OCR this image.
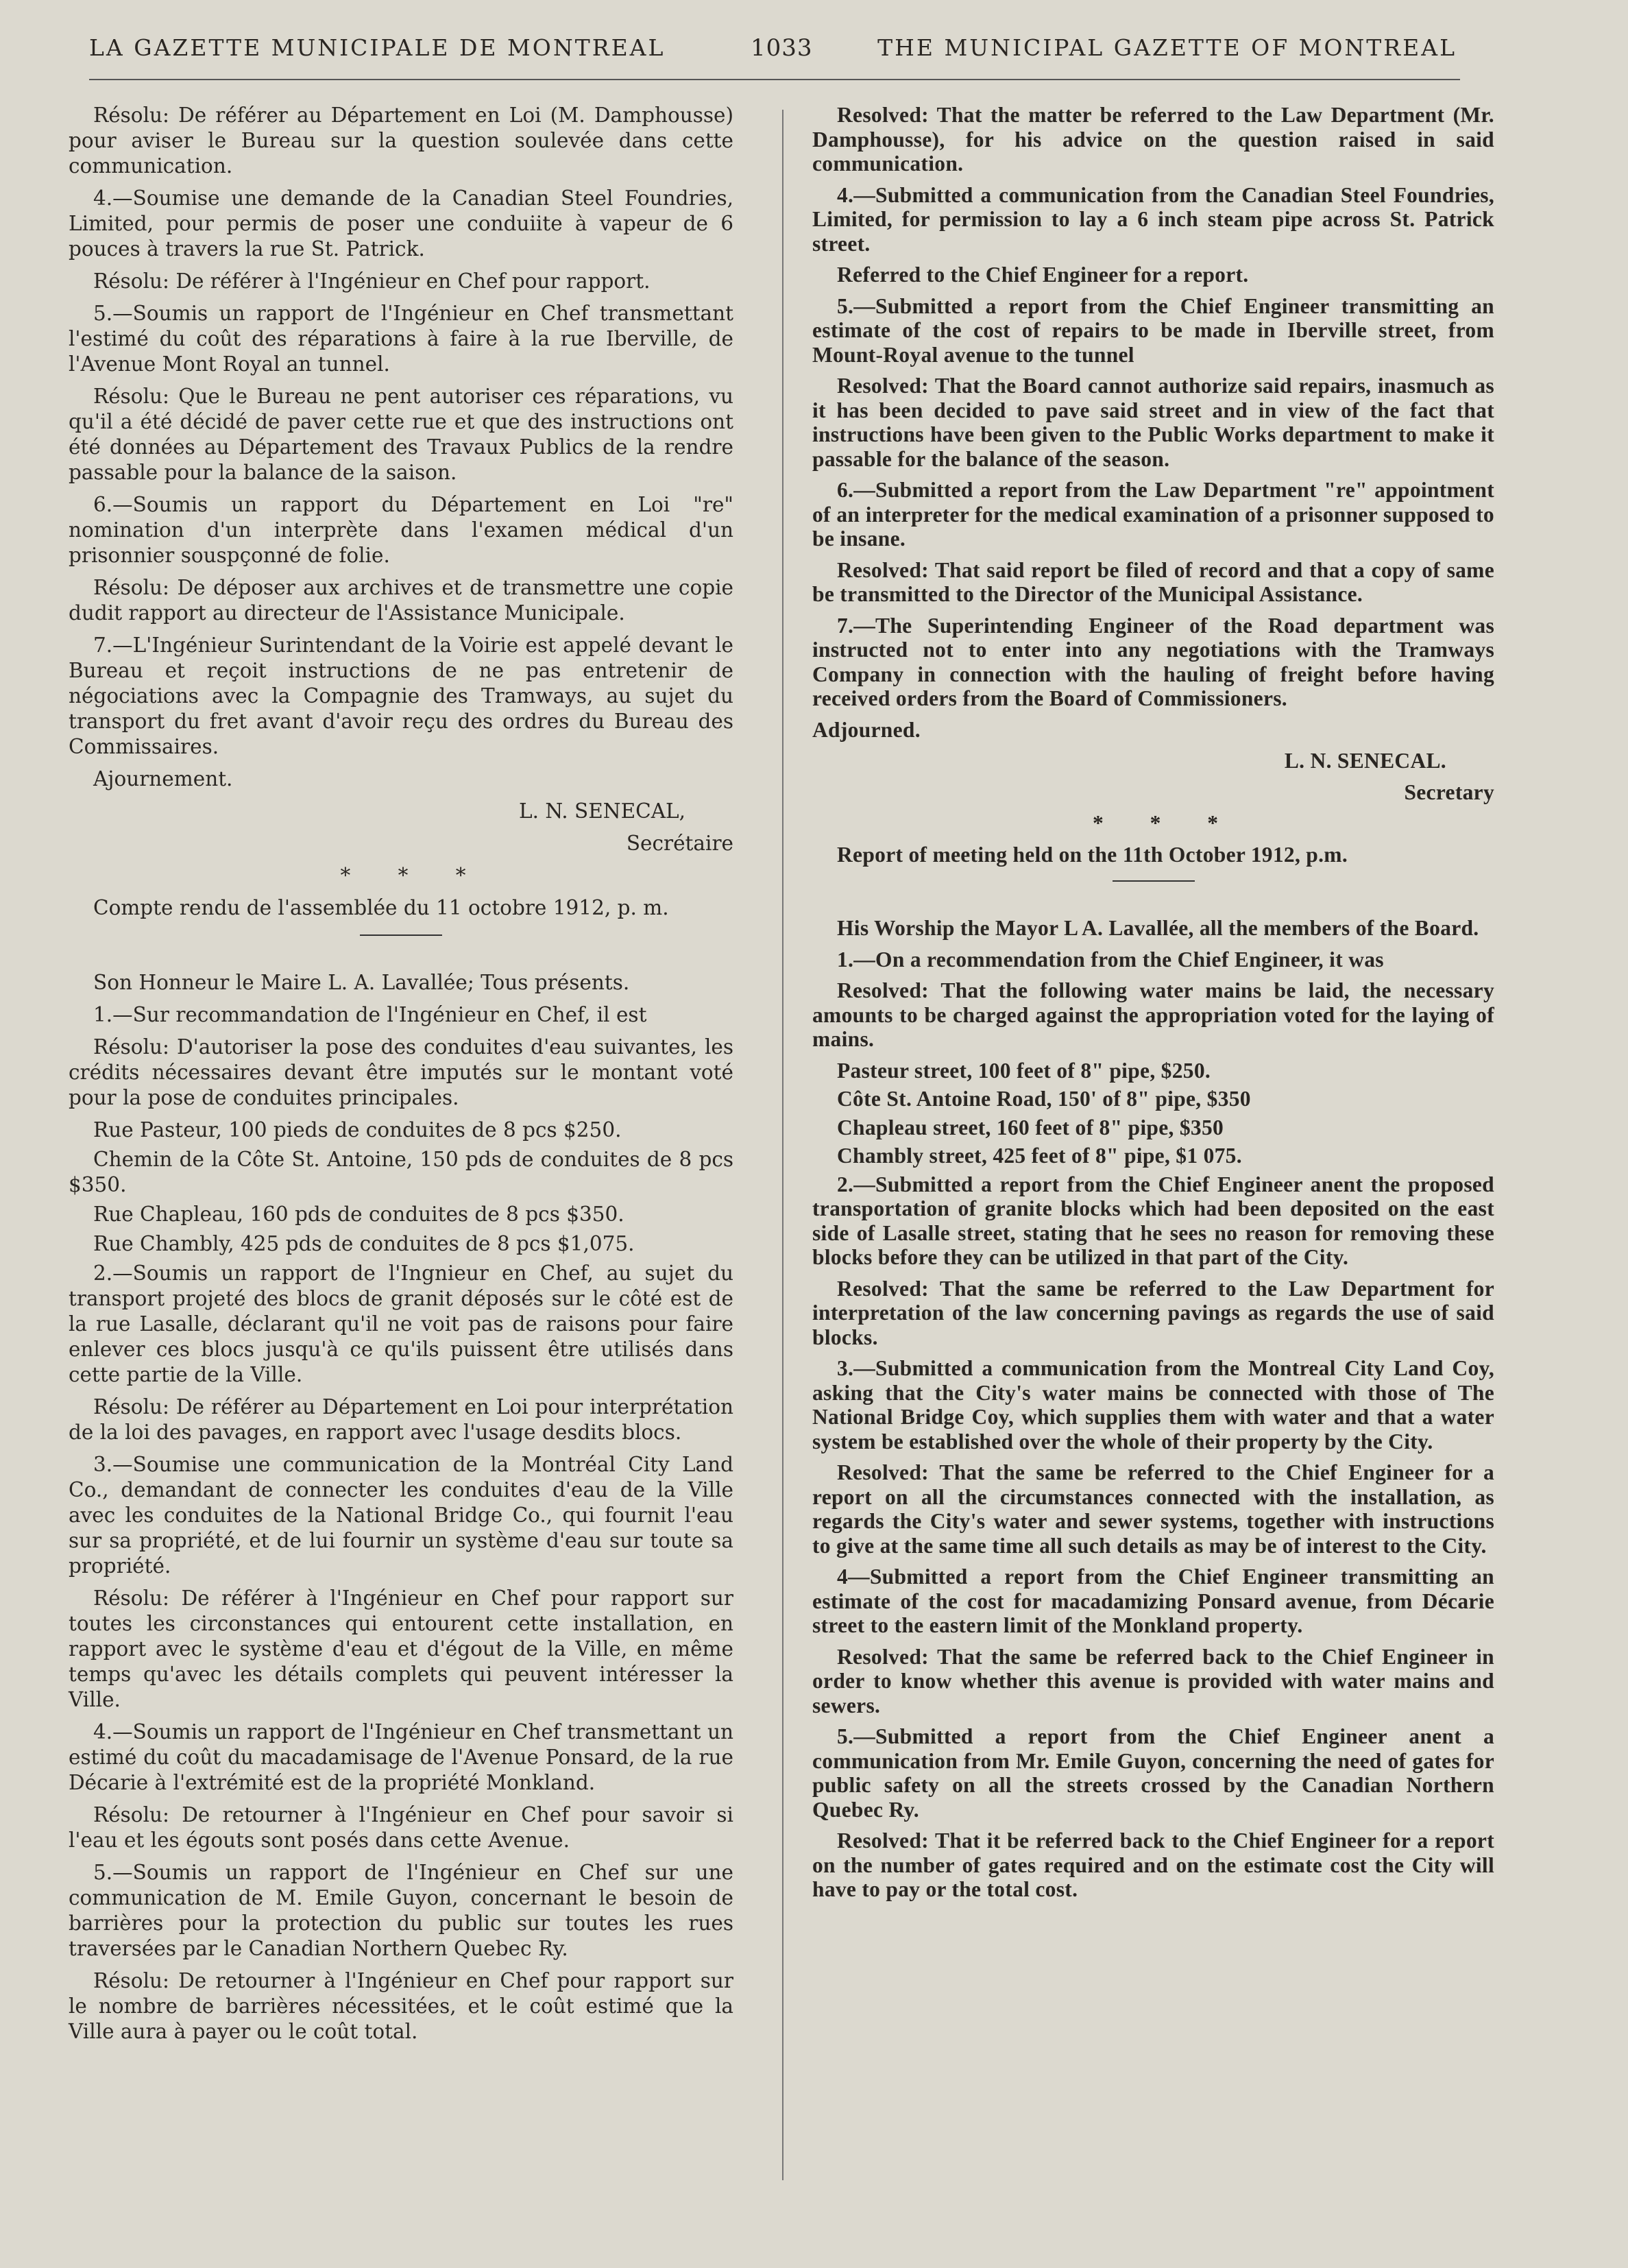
LA GAZETTE MUNICIPALE DE MONTREAL	1033	THE MUNICIPAL GAZETTE OF MONTREAL

Résolu: De référer au Département en Loi (M. Damphousse) pour aviser le Bureau sur la question soulevée dans cette communication.

4.—Soumise une demande de la Canadian Steel Foundries, Limited, pour permis de poser une conduiite à vapeur de 6 pouces à travers la rue St. Patrick.

Résolu: De référer à l'Ingénieur en Chef pour rapport.

5.—Soumis un rapport de l'Ingénieur en Chef transmettant l'estimé du coût des réparations à faire à la rue Iberville, de l'Avenue Mont Royal an tunnel.

Résolu: Que le Bureau ne pent autoriser ces réparations, vu qu'il a été décidé de paver cette rue et que des instructions ont été données au Département des Travaux Publics de la rendre passable pour la balance de la saison.

6.—Soumis un rapport du Département en Loi "re" nomination d'un interprète dans l'examen médical d'un prisonnier souspçonné de folie.

Résolu: De déposer aux archives et de transmettre une copie dudit rapport au directeur de l'Assistance Municipale.

7.—L'Ingénieur Surintendant de la Voirie est appelé devant le Bureau et reçoit instructions de ne pas entretenir de négociations avec la Compagnie des Tramways, au sujet du transport du fret avant d'avoir reçu des ordres du Bureau des Commissaires.

Ajournement.

L. N. SENECAL,

Secrétaire

* * *

Compte rendu de l'assemblée du 11 octobre 1912, p. m.

Son Honneur le Maire L. A. Lavallée; Tous présents.

1.—Sur recommandation de l'Ingénieur en Chef, il est

Résolu: D'autoriser la pose des conduites d'eau suivantes, les crédits nécessaires devant être imputés sur le montant voté pour la pose de conduites principales.

Rue Pasteur, 100 pieds de conduites de 8 pcs $250.

Chemin de la Côte St. Antoine, 150 pds de conduites de 8 pcs $350.

Rue Chapleau, 160 pds de conduites de 8 pcs $350.

Rue Chambly, 425 pds de conduites de 8 pcs $1,075.

2.—Soumis un rapport de l'Ingnieur en Chef, au sujet du transport projeté des blocs de granit déposés sur le côté est de la rue Lasalle, déclarant qu'il ne voit pas de raisons pour faire enlever ces blocs jusqu'à ce qu'ils puissent être utilisés dans cette partie de la Ville.

Résolu: De référer au Département en Loi pour interprétation de la loi des pavages, en rapport avec l'usage desdits blocs.

3.—Soumise une communication de la Montréal City Land Co., demandant de connecter les conduites d'eau de la Ville avec les conduites de la National Bridge Co., qui fournit l'eau sur sa propriété, et de lui fournir un système d'eau sur toute sa propriété.

Résolu: De référer à l'Ingénieur en Chef pour rapport sur toutes les circonstances qui entourent cette installation, en rapport avec le système d'eau et d'égout de la Ville, en même temps qu'avec les détails complets qui peuvent intéresser la Ville.

4.—Soumis un rapport de l'Ingénieur en Chef transmettant un estimé du coût du macadamisage de l'Avenue Ponsard, de la rue Décarie à l'extrémité est de la propriété Monkland.

Résolu: De retourner à l'Ingénieur en Chef pour savoir si l'eau et les égouts sont posés dans cette Avenue.

5.—Soumis un rapport de l'Ingénieur en Chef sur une communication de M. Emile Guyon, concernant le besoin de barrières pour la protection du public sur toutes les rues traversées par le Canadian Northern Quebec Ry.

Résolu: De retourner à l'Ingénieur en Chef pour rapport sur le nombre de barrières nécessitées, et le coût estimé que la Ville aura à payer ou le coût total.

Resolved: That the matter be referred to the Law Department (Mr. Damphousse), for his advice on the question raised in said communication.

4.—Submitted a communication from the Canadian Steel Foundries, Limited, for permission to lay a 6 inch steam pipe across St. Patrick street.

Referred to the Chief Engineer for a report.

5.—Submitted a report from the Chief Engineer transmitting an estimate of the cost of repairs to be made in Iberville street, from Mount-Royal avenue to the tunnel

Resolved: That the Board cannot authorize said repairs, inasmuch as it has been decided to pave said street and in view of the fact that instructions have been given to the Public Works department to make it passable for the balance of the season.

6.—Submitted a report from the Law Department "re" appointment of an interpreter for the medical examination of a prisonner supposed to be insane.

Resolved: That said report be filed of record and that a copy of same be transmitted to the Director of the Municipal Assistance.

7.—The Superintending Engineer of the Road department was instructed not to enter into any negotiations with the Tramways Company in connection with the hauling of freight before having received orders from the Board of Commissioners.

Adjourned.

L. N. SENECAL.

Secretary

* * *

Report of meeting held on the 11th October 1912, p.m.

His Worship the Mayor L A. Lavallée, all the members of the Board.

1.—On a recommendation from the Chief Engineer, it was

Resolved: That the following water mains be laid, the necessary amounts to be charged against the appropriation voted for the laying of mains.

Pasteur street, 100 feet of 8" pipe, $250.

Côte St. Antoine Road, 150' of 8" pipe, $350

Chapleau street, 160 feet of 8" pipe, $350

Chambly street, 425 feet of 8" pipe, $1 075.

2.—Submitted a report from the Chief Engineer anent the proposed transportation of granite blocks which had been deposited on the east side of Lasalle street, stating that he sees no reason for removing these blocks before they can be utilized in that part of the City.

Resolved: That the same be referred to the Law Department for interpretation of the law concerning pavings as regards the use of said blocks.

3.—Submitted a communication from the Montreal City Land Coy, asking that the City's water mains be connected with those of The National Bridge Coy, which supplies them with water and that a water system be established over the whole of their property by the City.

Resolved: That the same be referred to the Chief Engineer for a report on all the circumstances connected with the installation, as regards the City's water and sewer systems, together with instructions to give at the same time all such details as may be of interest to the City.

4—Submitted a report from the Chief Engineer transmitting an estimate of the cost for macadamizing Ponsard avenue, from Décarie street to the eastern limit of the Monkland property.

Resolved: That the same be referred back to the Chief Engineer in order to know whether this avenue is provided with water mains and sewers.

5.—Submitted a report from the Chief Engineer anent a communication from Mr. Emile Guyon, concerning the need of gates for public safety on all the streets crossed by the Canadian Northern Quebec Ry.

Resolved: That it be referred back to the Chief Engineer for a report on the number of gates required and on the estimate cost the City will have to pay or the total cost.
